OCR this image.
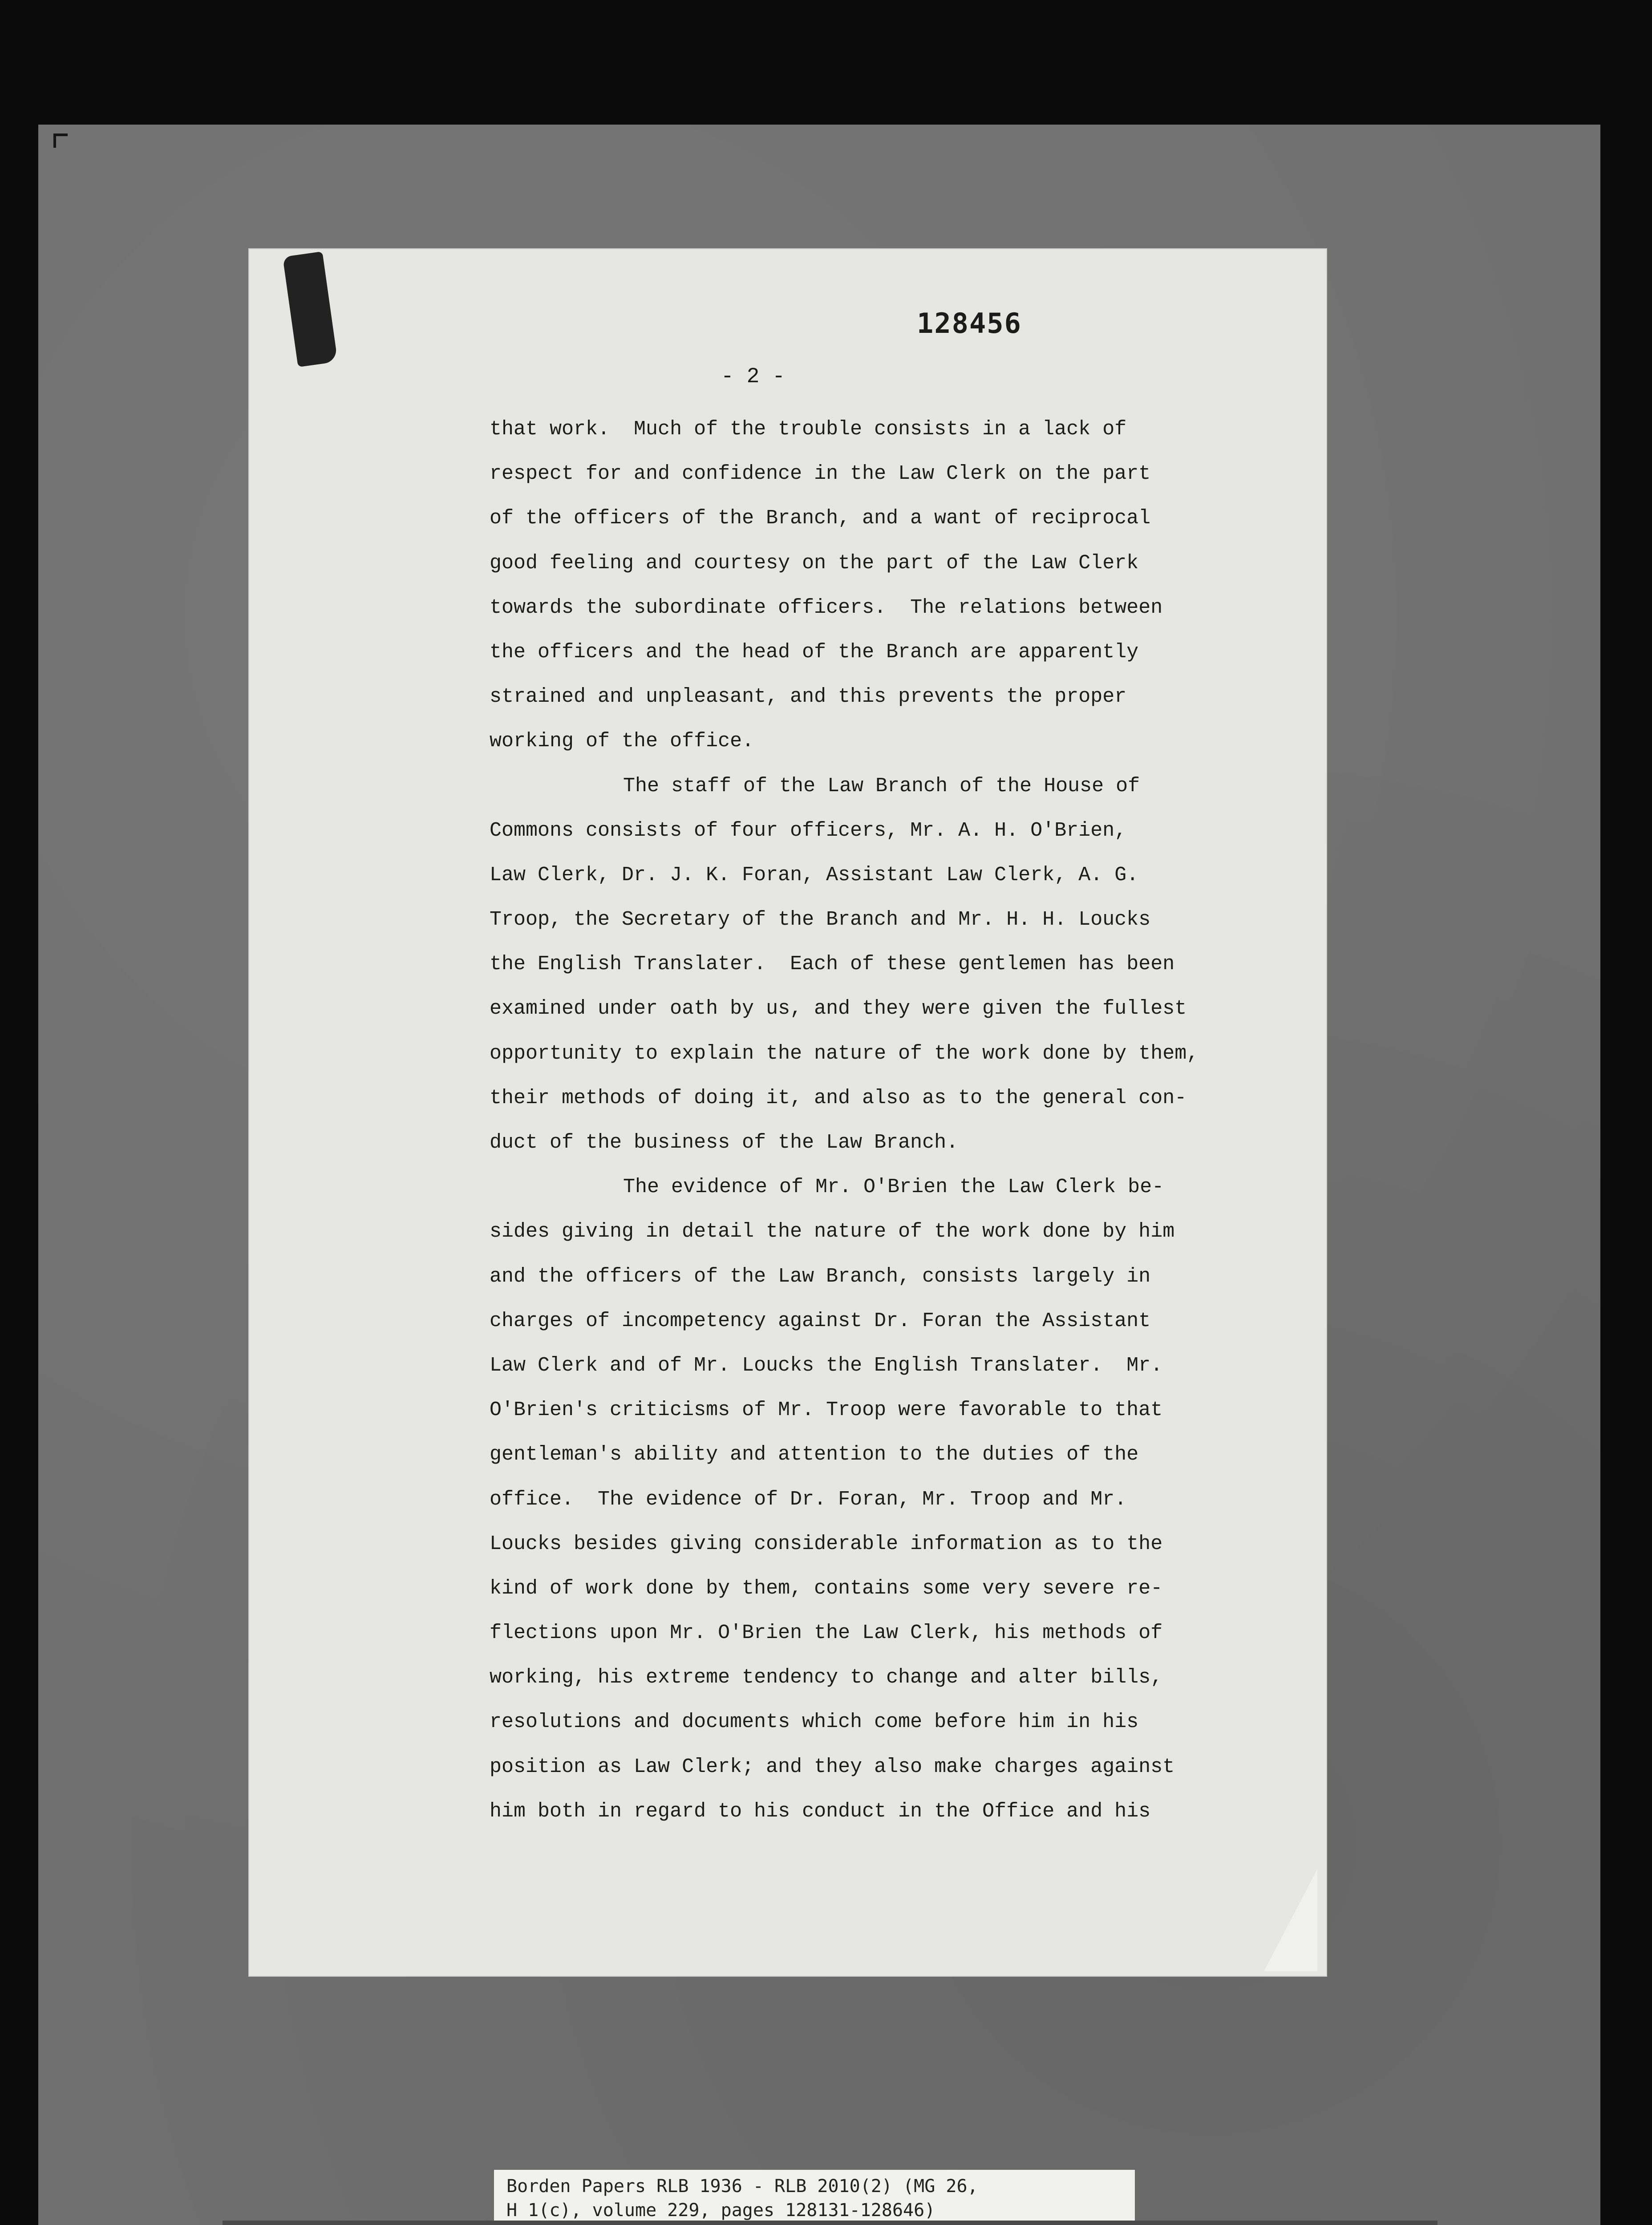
128456
- 2 -
that work.  Much of the trouble consists in a lack of
respect for and confidence in the Law Clerk on the part
of the officers of the Branch, and a want of reciprocal
good feeling and courtesy on the part of the Law Clerk
towards the subordinate officers.  The relations between
the officers and the head of the Branch are apparently
strained and unpleasant, and this prevents the proper
working of the office.
The staff of the Law Branch of the House of
Commons consists of four officers, Mr. A. H. O'Brien,
Law Clerk, Dr. J. K. Foran, Assistant Law Clerk, A. G.
Troop, the Secretary of the Branch and Mr. H. H. Loucks
the English Translater.  Each of these gentlemen has been
examined under oath by us, and they were given the fullest
opportunity to explain the nature of the work done by them,
their methods of doing it, and also as to the general con-
duct of the business of the Law Branch.
The evidence of Mr. O'Brien the Law Clerk be-
sides giving in detail the nature of the work done by him
and the officers of the Law Branch, consists largely in
charges of incompetency against Dr. Foran the Assistant
Law Clerk and of Mr. Loucks the English Translater.  Mr.
O'Brien's criticisms of Mr. Troop were favorable to that
gentleman's ability and attention to the duties of the
office.  The evidence of Dr. Foran, Mr. Troop and Mr.
Loucks besides giving considerable information as to the
kind of work done by them, contains some very severe re-
flections upon Mr. O'Brien the Law Clerk, his methods of
working, his extreme tendency to change and alter bills,
resolutions and documents which come before him in his
position as Law Clerk; and they also make charges against
him both in regard to his conduct in the Office and his
Borden Papers RLB 1936 - RLB 2010(2) (MG 26,
H 1(c), volume 229, pages 128131-128646)
